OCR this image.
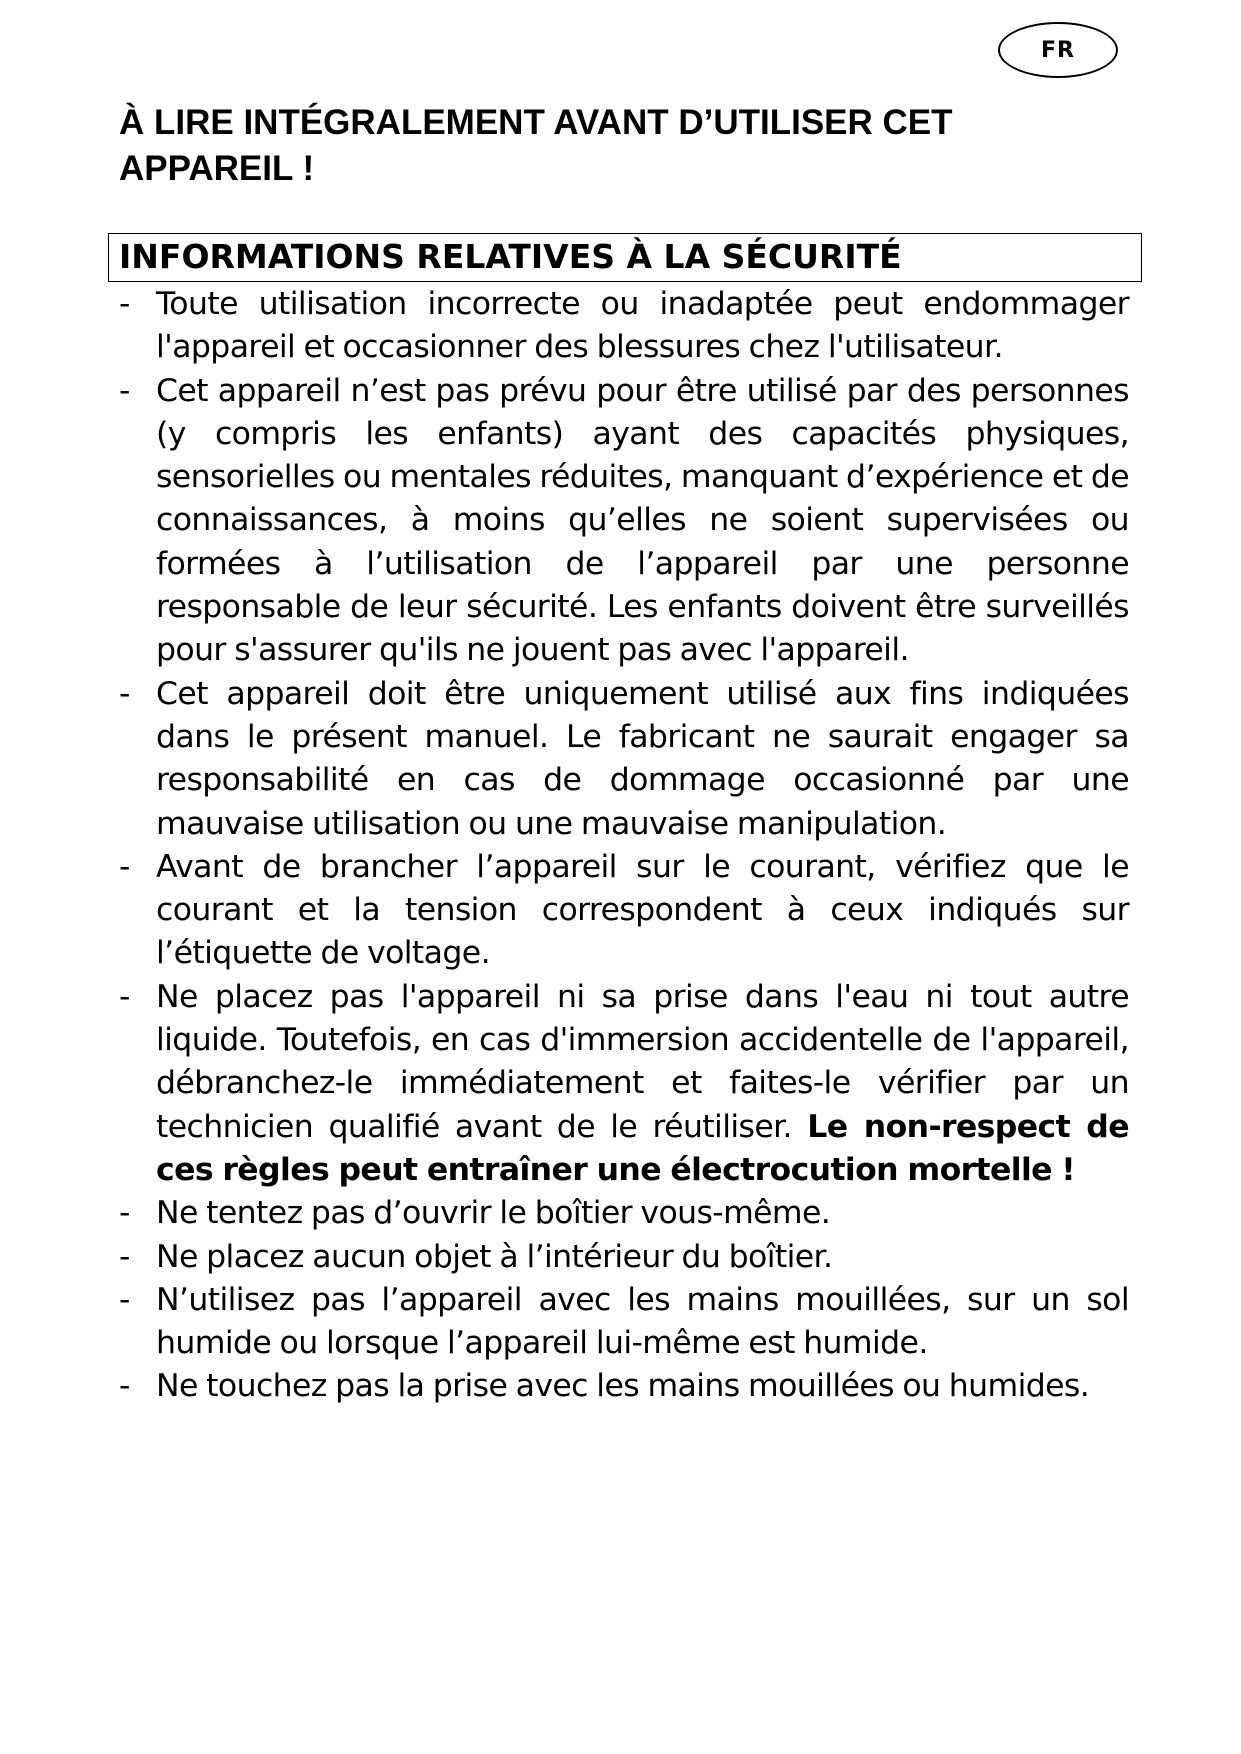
FR
À LIRE INTÉGRALEMENT AVANT D’UTILISER CET APPAREIL !
INFORMATIONS RELATIVES À LA SÉCURITÉ
- Toute utilisation incorrecte ou inadaptée peut endommager l'appareil et occasionner des blessures chez l'utilisateur.
- Cet appareil n’est pas prévu pour être utilisé par des personnes (y compris les enfants) ayant des capacités physiques, sensorielles ou mentales réduites, manquant d’expérience et de connaissances, à moins qu’elles ne soient supervisées ou formées à l’utilisation de l’appareil par une personne responsable de leur sécurité. Les enfants doivent être surveillés pour s'assurer qu'ils ne jouent pas avec l'appareil.
- Cet appareil doit être uniquement utilisé aux fins indiquées dans le présent manuel. Le fabricant ne saurait engager sa responsabilité en cas de dommage occasionné par une mauvaise utilisation ou une mauvaise manipulation.
- Avant de brancher l’appareil sur le courant, vérifiez que le courant et la tension correspondent à ceux indiqués sur l’étiquette de voltage.
- Ne placez pas l'appareil ni sa prise dans l'eau ni tout autre liquide. Toutefois, en cas d'immersion accidentelle de l'appareil, débranchez-le immédiatement et faites-le vérifier par un technicien qualifié avant de le réutiliser. Le non-respect de ces règles peut entraîner une électrocution mortelle !
- Ne tentez pas d’ouvrir le boîtier vous-même.
- Ne placez aucun objet à l’intérieur du boîtier.
- N’utilisez pas l’appareil avec les mains mouillées, sur un sol humide ou lorsque l’appareil lui-même est humide.
- Ne touchez pas la prise avec les mains mouillées ou humides.
